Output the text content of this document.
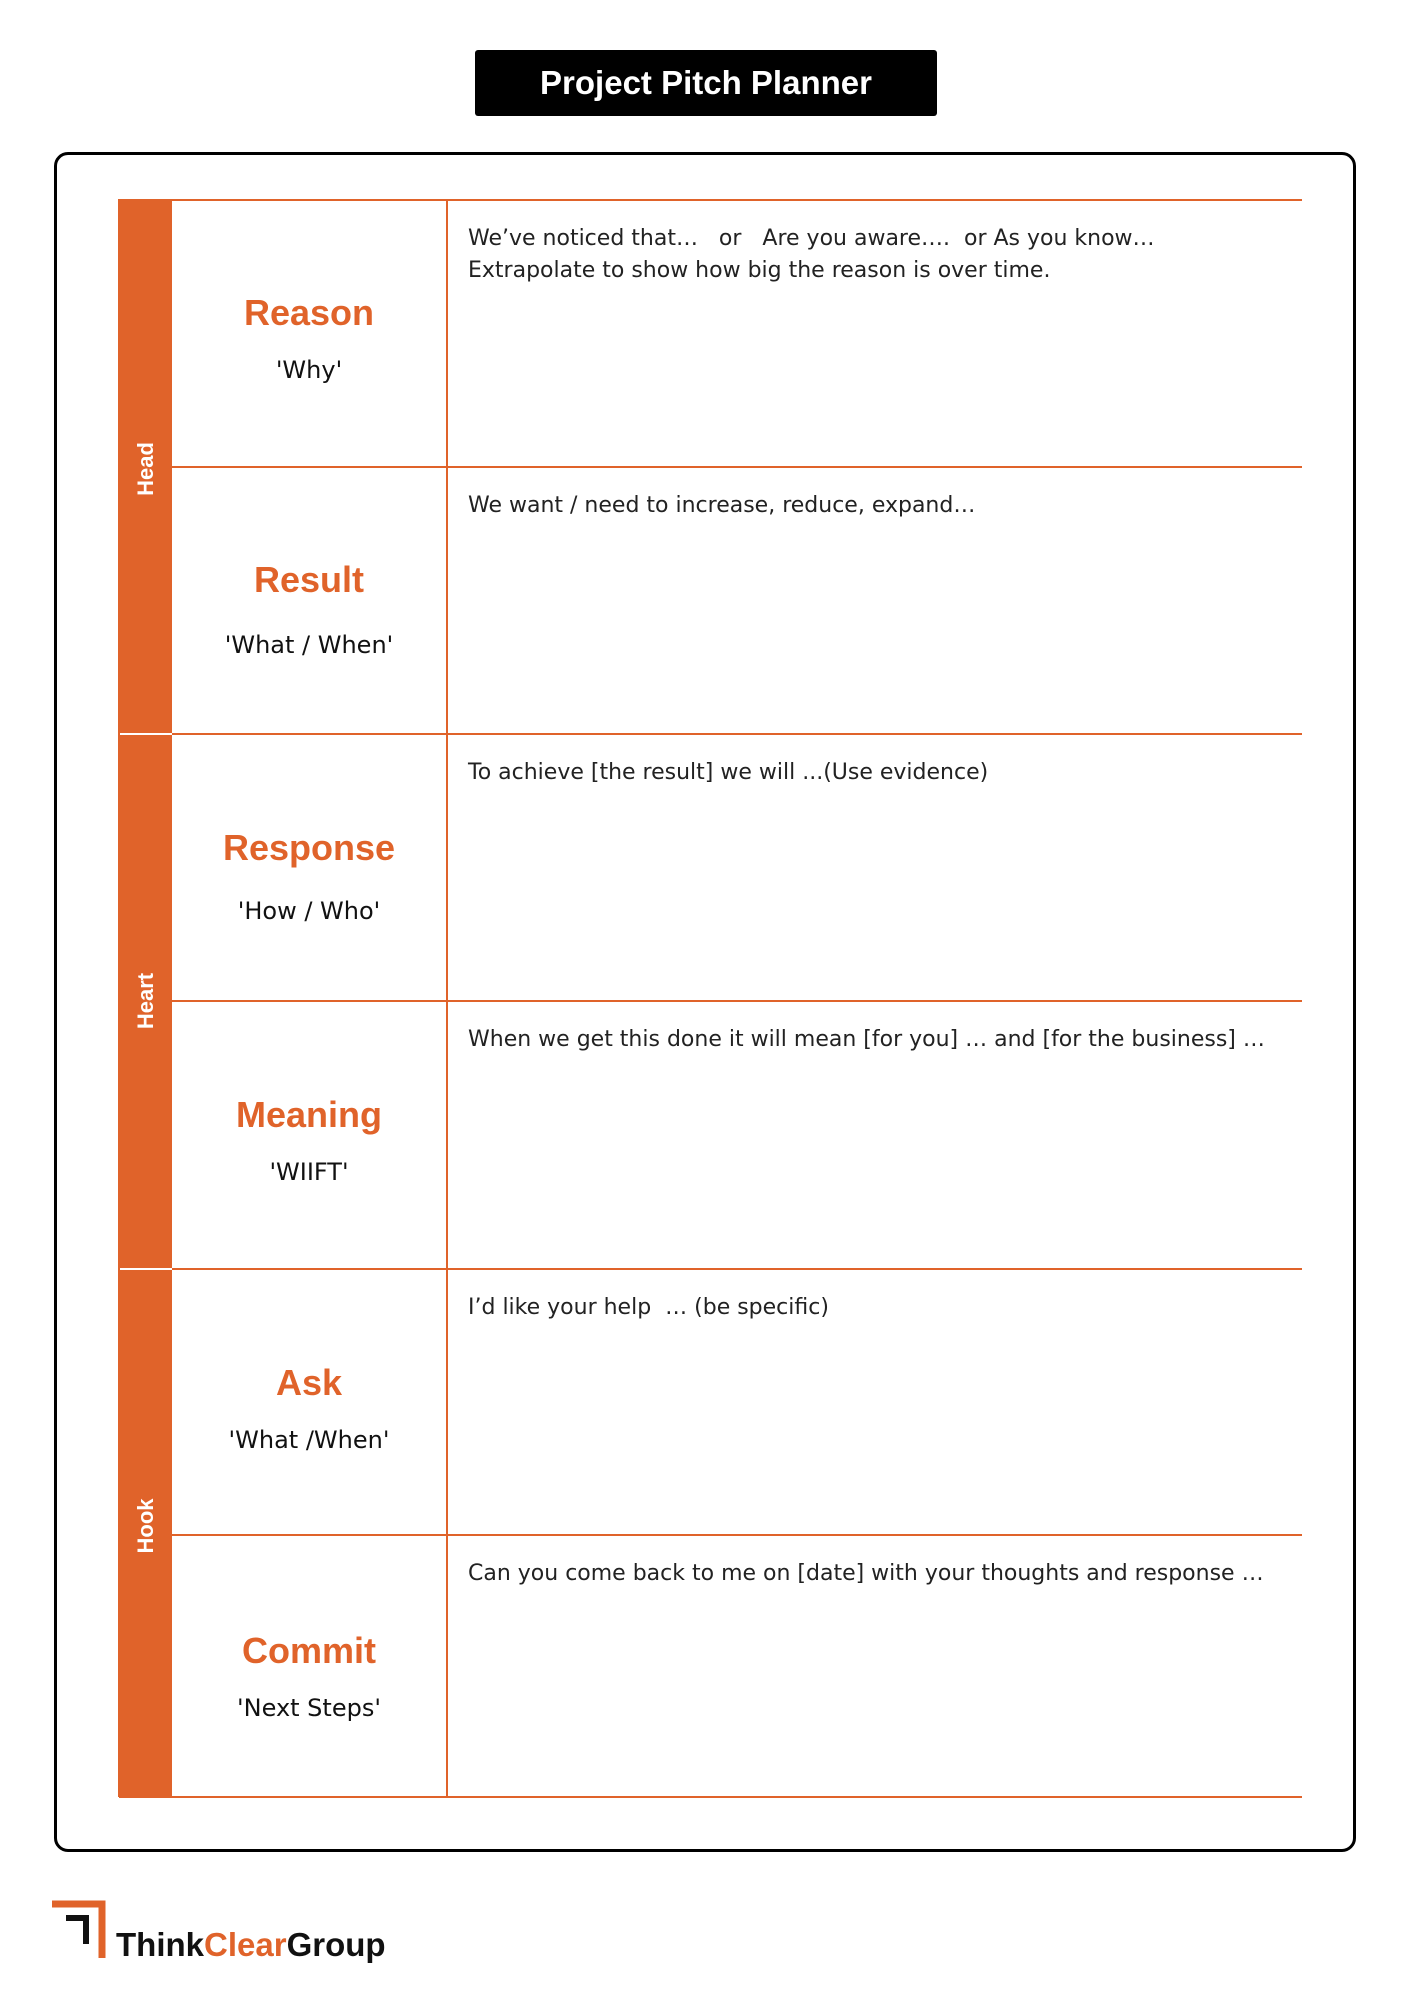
Project Pitch Planner
Head
Heart
Hook
Reason
'Why'
We’ve noticed that…   or   Are you aware….  or As you know…
Extrapolate to show how big the reason is over time.
Result
'What / When'
We want / need to increase, reduce, expand…
Response
'How / Who'
To achieve [the result] we will ...(Use evidence)
Meaning
'WIIFT'
When we get this done it will mean [for you] … and [for the business] …
Ask
'What /When'
I’d like your help  … (be specific)
Commit
'Next Steps'
Can you come back to me on [date] with your thoughts and response …
ThinkClearGroup
